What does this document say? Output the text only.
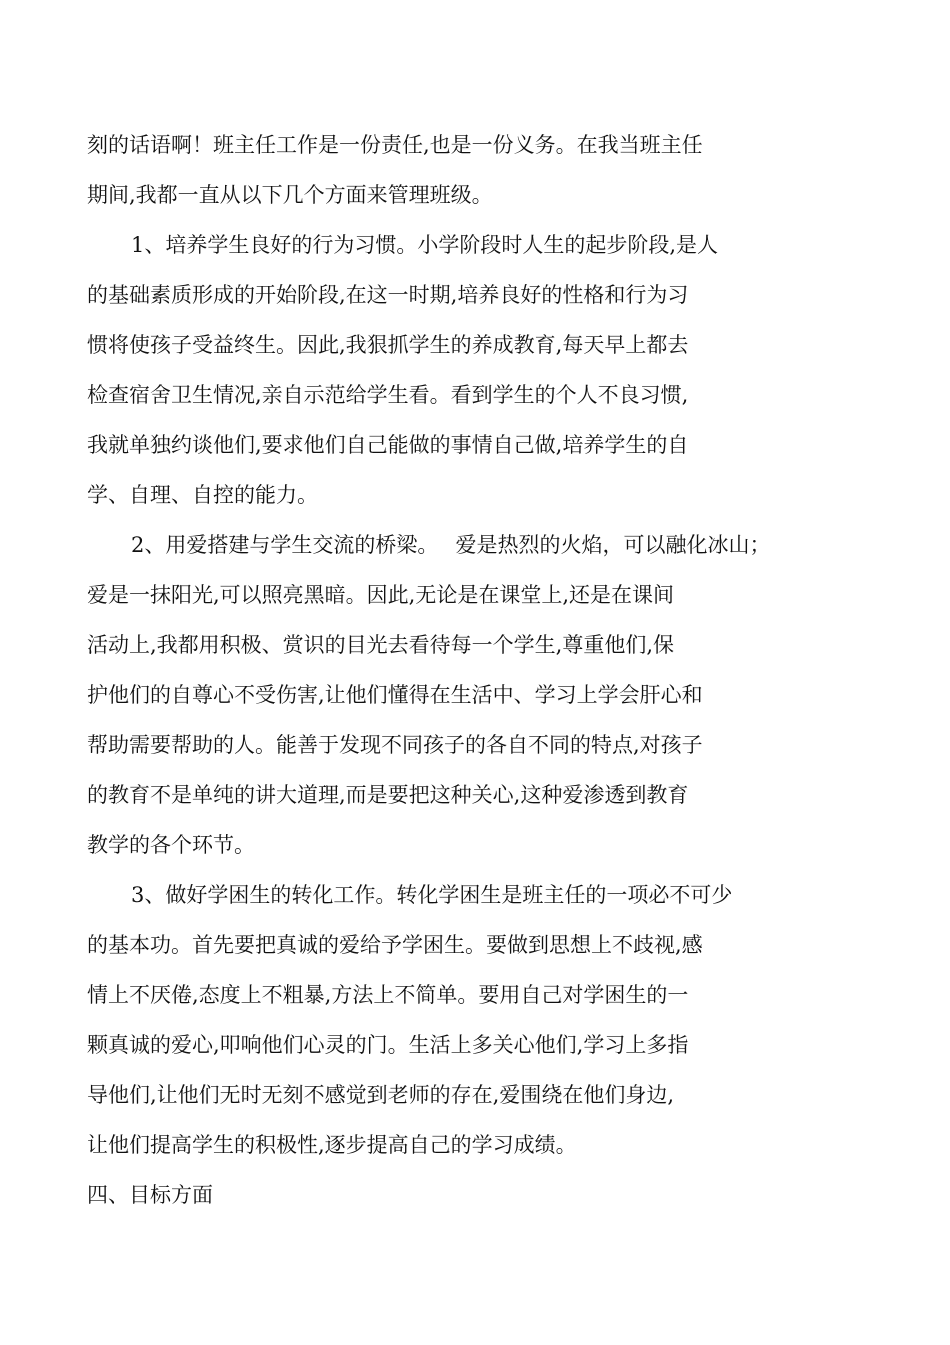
刻的话语啊！班主任工作是一份责任,也是一份义务。在我当班主任
期间,我都一直从以下几个方面来管理班级。
1、培养学生良好的行为习惯。小学阶段时人生的起步阶段,是人
的基础素质形成的开始阶段,在这一时期,培养良好的性格和行为习
惯将使孩子受益终生。因此,我狠抓学生的养成教育,每天早上都去
检查宿舍卫生情况,亲自示范给学生看。看到学生的个人不良习惯,
我就单独约谈他们,要求他们自己能做的事情自己做,培养学生的自
学、自理、自控的能力。
2、用爱搭建与学生交流的桥梁。　 爱是热烈的火焰，可以融化冰山；
爱是一抹阳光,可以照亮黑暗。因此,无论是在课堂上,还是在课间
活动上,我都用积极、赏识的目光去看待每一个学生,尊重他们,保
护他们的自尊心不受伤害,让他们懂得在生活中、学习上学会肝心和
帮助需要帮助的人。能善于发现不同孩子的各自不同的特点,对孩子
的教育不是单纯的讲大道理,而是要把这种关心,这种爱渗透到教育
教学的各个环节。
3、做好学困生的转化工作。转化学困生是班主任的一项必不可少
的基本功。首先要把真诚的爱给予学困生。要做到思想上不歧视,感
情上不厌倦,态度上不粗暴,方法上不简单。要用自己对学困生的一
颗真诚的爱心,叩响他们心灵的门。生活上多关心他们,学习上多指
导他们,让他们无时无刻不感觉到老师的存在,爱围绕在他们身边,
让他们提高学生的积极性,逐步提高自己的学习成绩。
四、目标方面
